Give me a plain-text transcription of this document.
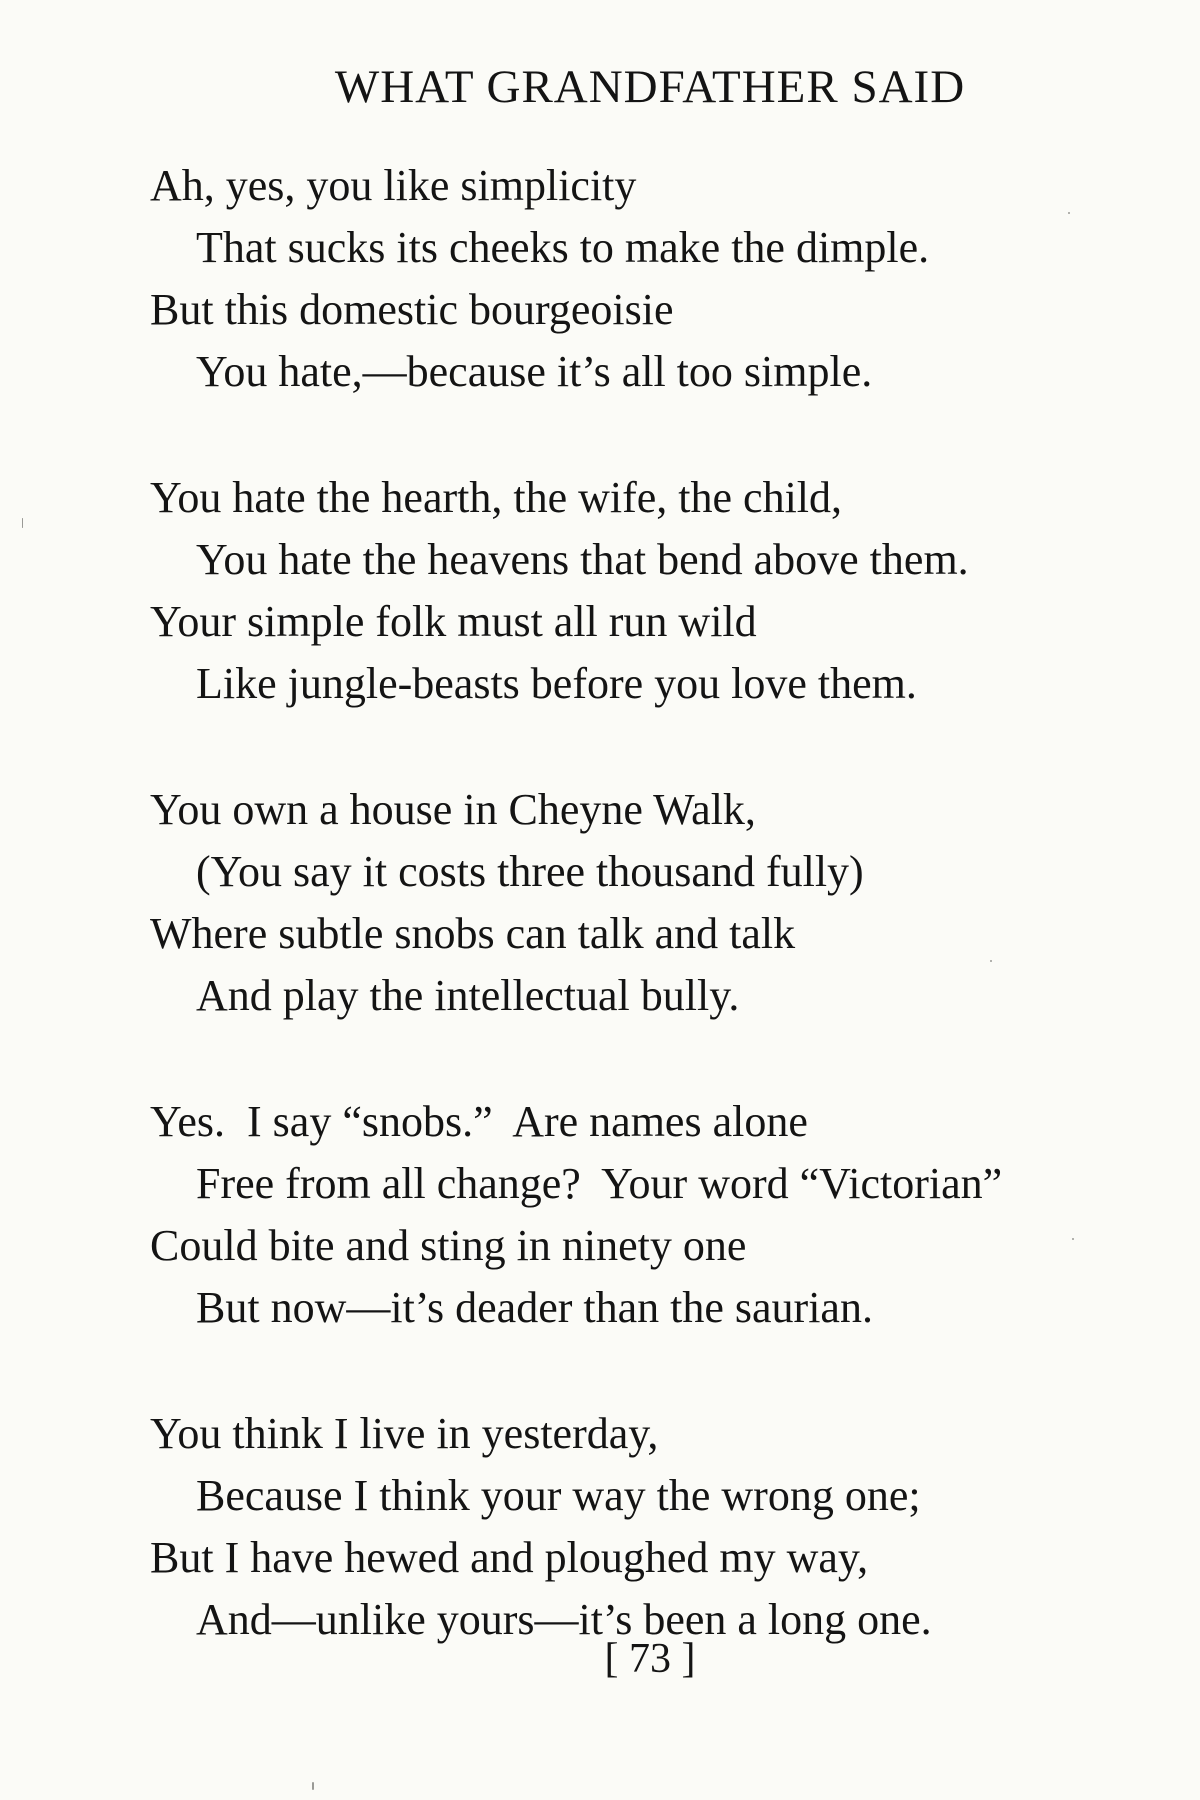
WHAT GRANDFATHER SAID
Ah, yes, you like simplicity
That sucks its cheeks to make the dimple.
But this domestic bourgeoisie
You hate,—because it’s all too simple.
You hate the hearth, the wife, the child,
You hate the heavens that bend above them.
Your simple folk must all run wild
Like jungle-beasts before you love them.
You own a house in Cheyne Walk,
(You say it costs three thousand fully)
Where subtle snobs can talk and talk
And play the intellectual bully.
Yes.  I say “snobs.”  Are names alone
Free from all change?  Your word “Victorian”
Could bite and sting in ninety one
But now—it’s deader than the saurian.
You think I live in yesterday,
Because I think your way the wrong one;
But I have hewed and ploughed my way,
And—unlike yours—it’s been a long one.
[ 73 ]
